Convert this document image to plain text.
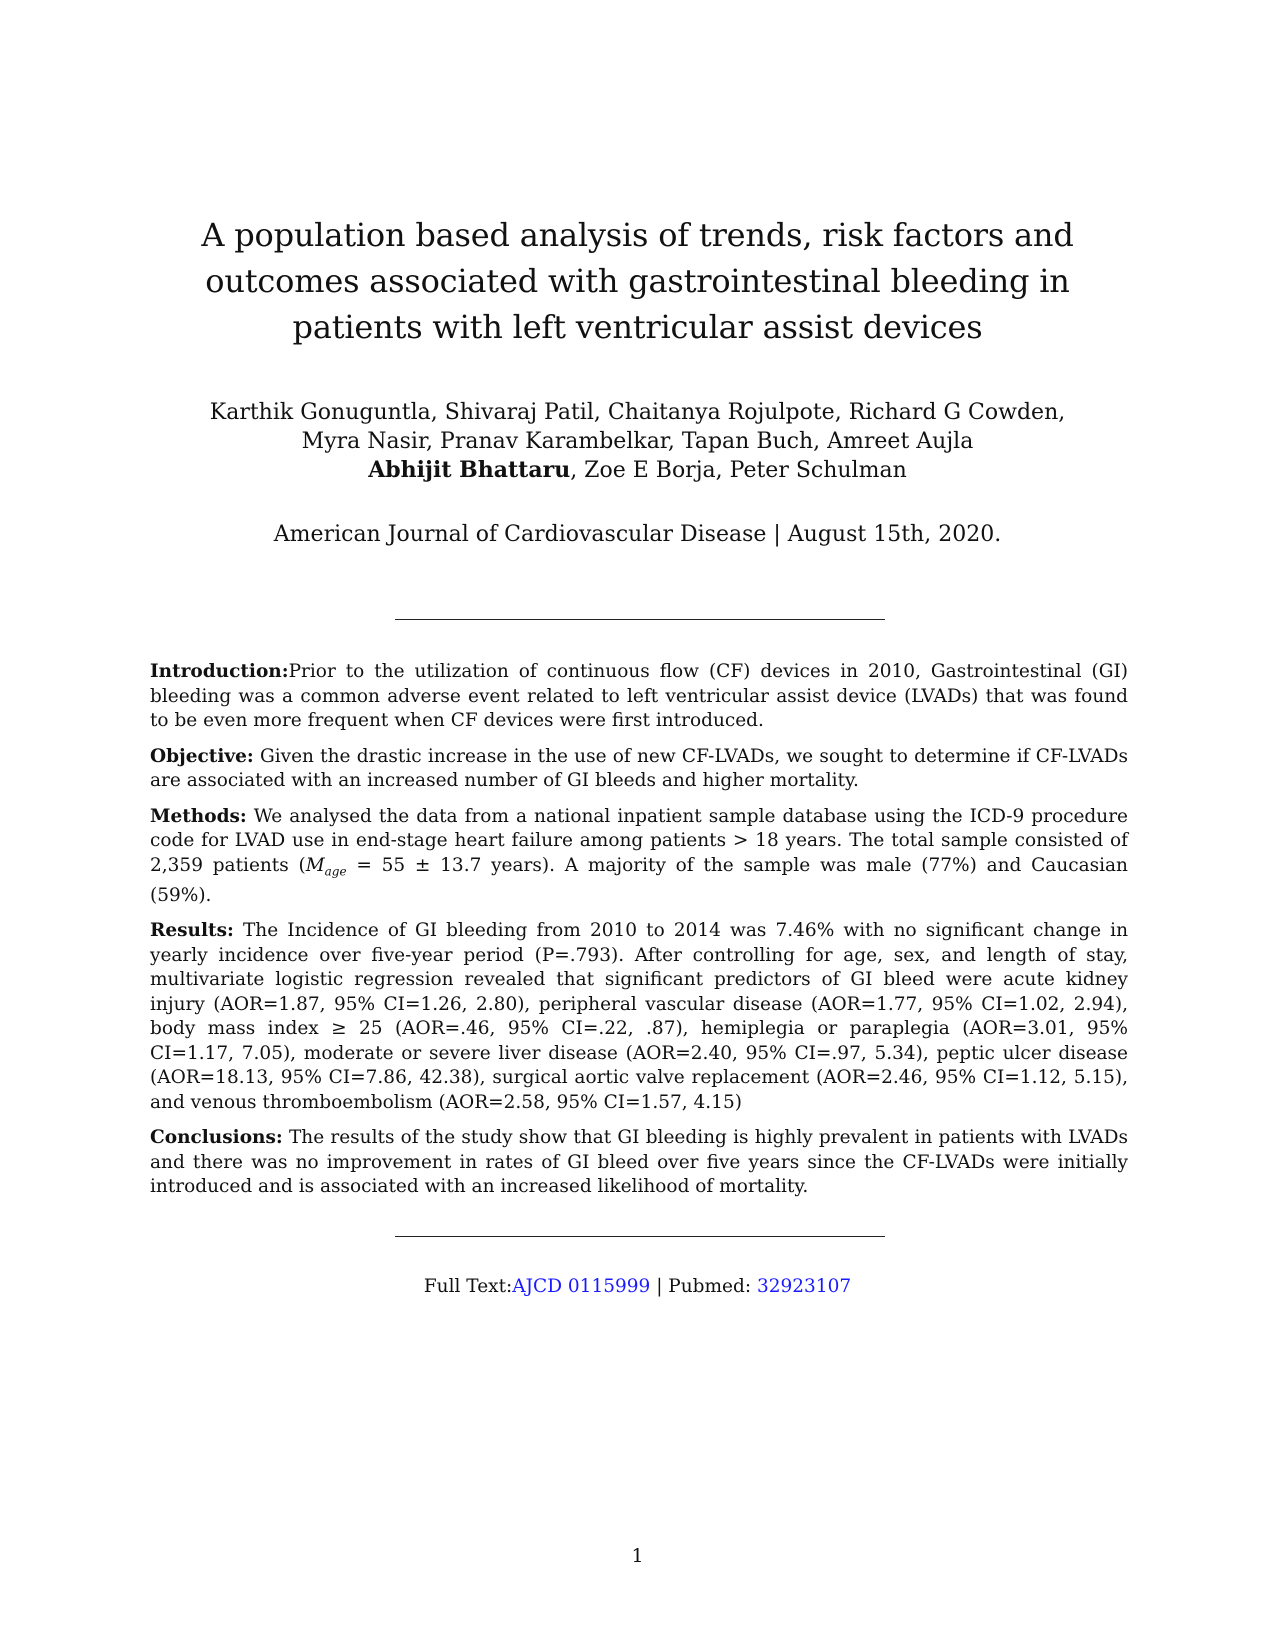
A population based analysis of trends, risk factors and outcomes associated with gastrointestinal bleeding in patients with left ventricular assist devices
Karthik Gonuguntla, Shivaraj Patil, Chaitanya Rojulpote, Richard G Cowden,
Myra Nasir, Pranav Karambelkar, Tapan Buch, Amreet Aujla
Abhijit Bhattaru, Zoe E Borja, Peter Schulman
American Journal of Cardiovascular Disease | August 15th, 2020.

Introduction:Prior to the utilization of continuous flow (CF) devices in 2010, Gastrointestinal (GI) bleeding was a common adverse event related to left ventricular assist device (LVADs) that was found to be even more frequent when CF devices were first introduced.

Objective: Given the drastic increase in the use of new CF-LVADs, we sought to determine if CF-LVADs are associated with an increased number of GI bleeds and higher mortality.

Methods: We analysed the data from a national inpatient sample database using the ICD-9 procedure code for LVAD use in end-stage heart failure among patients > 18 years. The total sample consisted of 2,359 patients ($M_{age} = 55 \pm 13.7$ years). A majority of the sample was male (77%) and Caucasian (59%).

Results: The Incidence of GI bleeding from 2010 to 2014 was 7.46% with no significant change in yearly incidence over five-year period (P=.793). After controlling for age, sex, and length of stay, multivariate logistic regression revealed that significant predictors of GI bleed were acute kidney injury (AOR=1.87, 95% CI=1.26, 2.80), peripheral vascular disease (AOR=1.77, 95% CI=1.02, 2.94), body mass index ≥ 25 (AOR=.46, 95% CI=.22, .87), hemiplegia or paraplegia (AOR=3.01, 95% CI=1.17, 7.05), moderate or severe liver disease (AOR=2.40, 95% CI=.97, 5.34), peptic ulcer disease (AOR=18.13, 95% CI=7.86, 42.38), surgical aortic valve replacement (AOR=2.46, 95% CI=1.12, 5.15), and venous thromboembolism (AOR=2.58, 95% CI=1.57, 4.15)

Conclusions: The results of the study show that GI bleeding is highly prevalent in patients with LVADs and there was no improvement in rates of GI bleed over five years since the CF-LVADs were initially introduced and is associated with an increased likelihood of mortality.

Full Text:AJCD 0115999 | Pubmed: 32923107
1
